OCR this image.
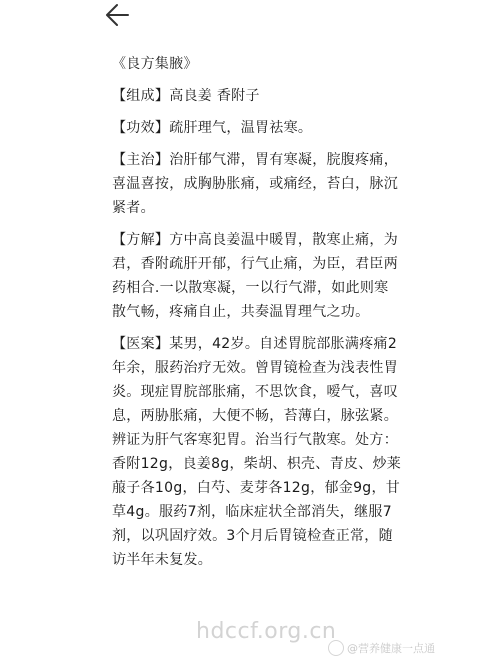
《良方集腋》

【组成】高良姜 香附子

【功效】疏肝理气，温胃祛寒。

【主治】治肝郁气滞，胃有寒凝，脘腹疼痛，喜温喜按，成胸胁胀痛，或痛经，苔白，脉沉紧者。

【方解】方中高良姜温中暖胃，散寒止痛，为君，香附疏肝开郁，行气止痛，为臣，君臣两药相合.一以散寒凝，一以行气滞，如此则寒散气畅，疼痛自止，共奏温胃理气之功。

【医案】某男，42岁。自述胃脘部胀满疼痛2年余，服药治疗无效。曾胃镜检查为浅表性胃炎。现症胃脘部胀痛，不思饮食，嗳气，喜叹息，两胁胀痛，大便不畅，苔薄白，脉弦紧。辨证为肝气客寒犯胃。治当行气散寒。处方：香附12g，良姜8g，柴胡、枳壳、青皮、炒莱菔子各10g，白芍、麦芽各12g，郁金9g，甘草4g。服药7剂，临床症状全部消失，继服7剂，以巩固疗效。3个月后胃镜检查正常，随访半年未复发。

hdccf.org.cn
@营养健康一点通
